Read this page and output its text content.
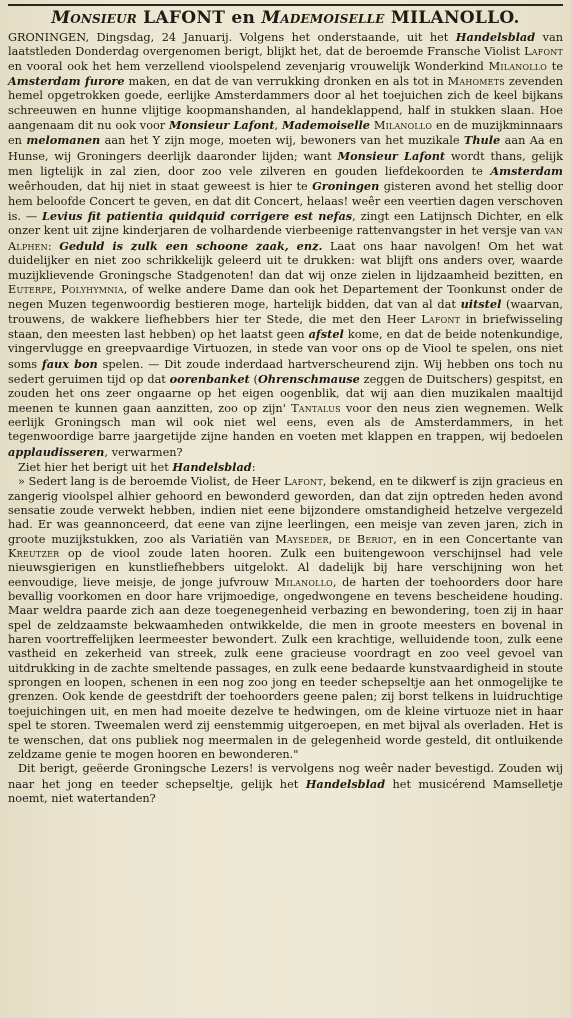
Monsieur LAFONT en Mademoiselle MILANOLLO.

GRONINGEN, Dingsdag, 24 Januarij. Volgens het onderstaande, uit het Handelsblad van laatstleden Donderdag overgenomen berigt, blijkt het, dat de beroemde Fransche Violist Lafont en vooral ook het hem verzellend vioolspelend zevenjarig vrouwelijk Wonderkind Milanollo te Amsterdam furore maken, en dat de van verrukking dronken en als tot in Mahomets zevenden hemel opgetrokken goede, eerlijke Amsterdammers door al het toejuichen zich de keel bijkans schreeuwen en hunne vlijtige koopmanshanden, al handeklappend, half in stukken slaan. Hoe aangenaam dit nu ook voor Monsieur Lafont, Mademoiselle Milanollo en de muzijkminnaars en melomanen aan het Y zijn moge, moeten wij, bewoners van het muzikale Thule aan Aa en Hunse, wij Groningers deerlijk daaronder lijden; want Monsieur Lafont wordt thans, gelijk men ligtelijk in zal zien, door zoo vele zilveren en gouden liefdekoorden te Amsterdam weêrhouden, dat hij niet in staat geweest is hier te Groningen gisteren avond het stellig door hem beloofde Concert te geven, en dat dit Concert, helaas! weêr een veertien dagen verschoven is. — Levius fit patientia quidquid corrigere est nefas, zingt een Latijnsch Dichter, en elk onzer kent uit zijne kinderjaren de volhardende vierbeenige rattenvangster in het versje van van Alphen: Geduld is zulk een schoone zaak, enz. Laat ons haar navolgen! Om het wat duidelijker en niet zoo schrikkelijk geleerd uit te drukken: wat blijft ons anders over, waarde muzijklievende Groningsche Stadgenoten! dan dat wij onze zielen in lijdzaamheid bezitten, en Euterpe, Polyhymnia, of welke andere Dame dan ook het Departement der Toonkunst onder de negen Muzen tegenwoordig bestieren moge, hartelijk bidden, dat van al dat uitstel (waarvan, trouwens, de wakkere liefhebbers hier ter Stede, die met den Heer Lafont in briefwisseling staan, den meesten last hebben) op het laatst geen afstel kome, en dat de beide notenkundige, vingervlugge en greepvaardige Virtuozen, in stede van voor ons op de Viool te spelen, ons niet soms faux bon spelen. — Dit zoude inderdaad hartverscheurend zijn. Wij hebben ons toch nu sedert geruimen tijd op dat oorenbanket (Ohrenschmause zeggen de Duitschers) gespitst, en zouden het ons zeer ongaarne op het eigen oogenblik, dat wij aan dien muzikalen maaltijd meenen te kunnen gaan aanzitten, zoo op zijn' Tantalus voor den neus zien wegnemen. Welk eerlijk Groningsch man wil ook niet wel eens, even als de Amsterdammers, in het tegenwoordige barre jaargetijde zijne handen en voeten met klappen en trappen, wij bedoelen applaudisseren, verwarmen?

Ziet hier het berigt uit het Handelsblad:

» Sedert lang is de beroemde Violist, de Heer Lafont, bekend, en te dikwerf is zijn gracieus en zangerig vioolspel alhier gehoord en bewonderd geworden, dan dat zijn optreden heden avond sensatie zoude verwekt hebben, indien niet eene bijzondere omstandigheid hetzelve vergezeld had. Er was geannonceerd, dat eene van zijne leerlingen, een meisje van zeven jaren, zich in groote muzijkstukken, zoo als Variatiën van Mayseder, de Beriot, en in een Concertante van Kreutzer op de viool zoude laten hooren. Zulk een buitengewoon verschijnsel had vele nieuwsgierigen en kunstliefhebbers uitgelokt. Al dadelijk bij hare verschijning won het eenvoudige, lieve meisje, de jonge jufvrouw Milanollo, de harten der toehoorders door hare bevallig voorkomen en door hare vrijmoedige, ongedwongene en tevens bescheidene houding. Maar weldra paarde zich aan deze toegenegenheid verbazing en bewondering, toen zij in haar spel de zeldzaamste bekwaamheden ontwikkelde, die men in groote meesters en bovenal in haren voortreffelijken leermeester bewondert. Zulk een krachtige, welluidende toon, zulk eene vastheid en zekerheid van streek, zulk eene gracieuse voordragt en zoo veel gevoel van uitdrukking in de zachte smeltende passages, en zulk eene bedaarde kunstvaardigheid in stoute sprongen en loopen, schenen in een nog zoo jong en teeder schepseltje aan het onmogelijke te grenzen. Ook kende de geestdrift der toehoorders geene palen; zij borst telkens in luidruchtige toejuichingen uit, en men had moeite dezelve te hedwingen, om de kleine virtuoze niet in haar spel te storen. Tweemalen werd zij eenstemmig uitgeroepen, en met bijval als overladen. Het is te wenschen, dat ons publiek nog meermalen in de gelegenheid worde gesteld, dit ontluikende zeldzame genie te mogen hooren en bewonderen."

Dit berigt, geëerde Groningsche Lezers! is vervolgens nog weêr nader bevestigd. Zouden wij naar het jong en teeder schepseltje, gelijk het Handelsblad het musicérend Mamselletje noemt, niet watertanden?
